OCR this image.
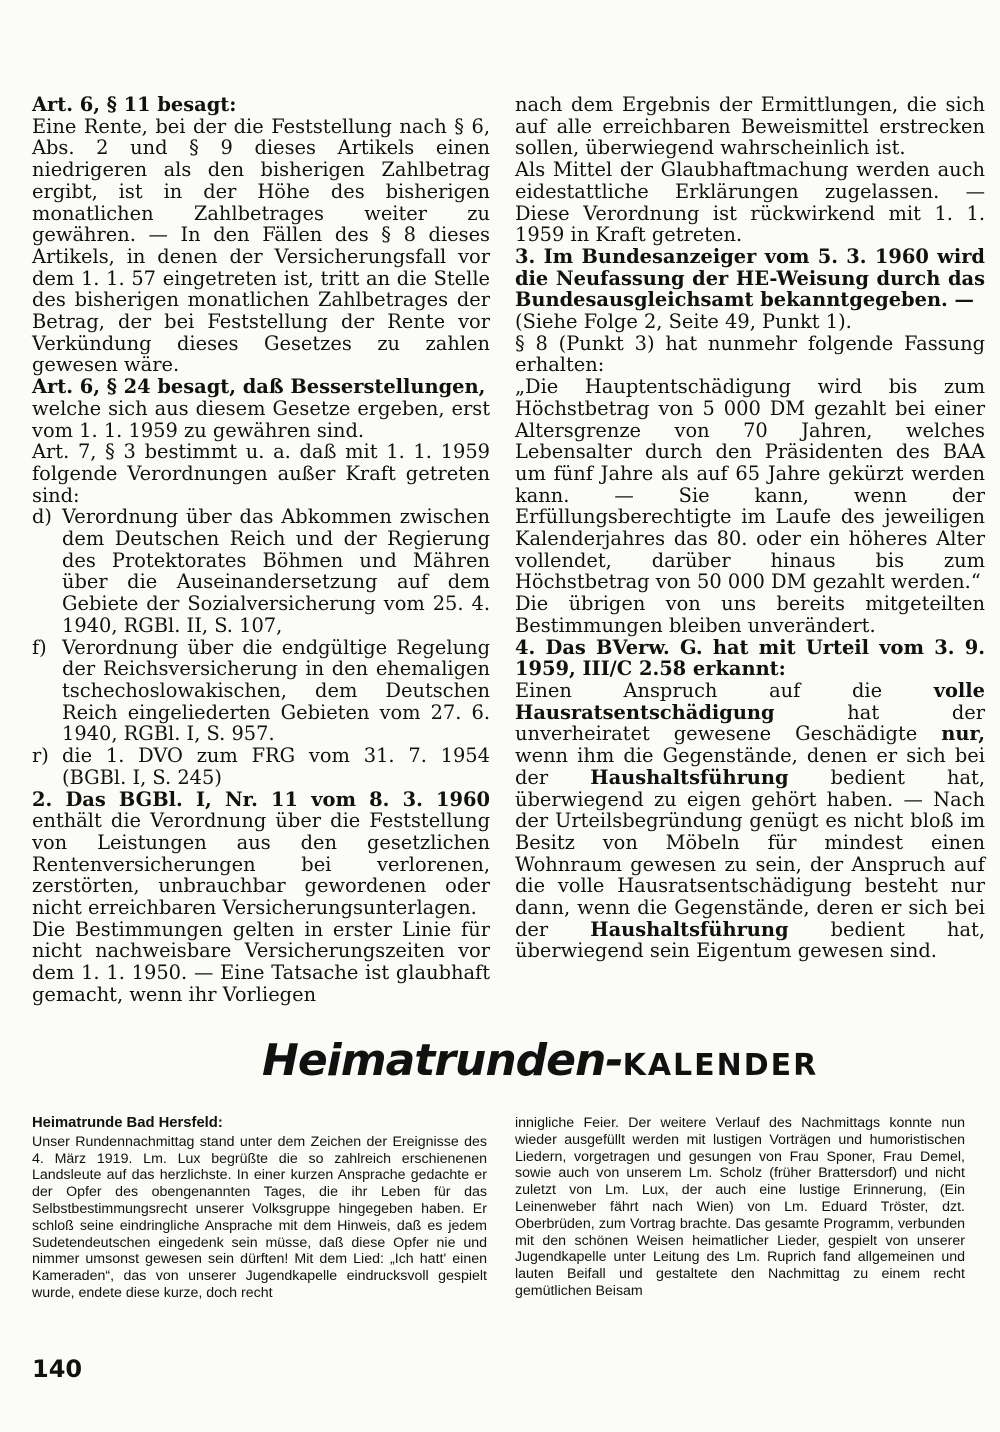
Art. 6, § 11 besagt:

Eine Rente, bei der die Feststellung nach § 6, Abs. 2 und § 9 dieses Artikels einen niedrigeren als den bisherigen Zahlbetrag ergibt, ist in der Höhe des bisherigen monatlichen Zahlbetrages weiter zu gewähren. — In den Fällen des § 8 dieses Artikels, in denen der Versicherungsfall vor dem 1. 1. 57 eingetreten ist, tritt an die Stelle des bisherigen monatlichen Zahlbetrages der Betrag, der bei Feststellung der Rente vor Verkündung dieses Gesetzes zu zahlen gewesen wäre.

Art. 6, § 24 besagt, daß Besserstellungen,

welche sich aus diesem Gesetze ergeben, erst vom 1. 1. 1959 zu gewähren sind.

Art. 7, § 3 bestimmt u. a. daß mit 1. 1. 1959 folgende Verordnungen außer Kraft getreten sind:

d) Verordnung über das Abkommen zwischen dem Deutschen Reich und der Regierung des Protektorates Böhmen und Mähren über die Auseinandersetzung auf dem Gebiete der Sozialversicherung vom 25. 4. 1940, RGBl. II, S. 107,
f) Verordnung über die endgültige Regelung der Reichsversicherung in den ehemaligen tschechoslowakischen, dem Deutschen Reich eingeliederten Gebieten vom 27. 6. 1940, RGBl. I, S. 957.
r) die 1. DVO zum FRG vom 31. 7. 1954 (BGBl. I, S. 245)

2. Das BGBl. I, Nr. 11 vom 8. 3. 1960 enthält die Verordnung über die Feststellung von Leistungen aus den gesetzlichen Rentenversicherungen bei verlorenen, zerstörten, unbrauchbar gewordenen oder nicht erreichbaren Versicherungsunterlagen.

Die Bestimmungen gelten in erster Linie für nicht nachweisbare Versicherungszeiten vor dem 1. 1. 1950. — Eine Tatsache ist glaubhaft gemacht, wenn ihr Vorliegen

nach dem Ergebnis der Ermittlungen, die sich auf alle erreichbaren Beweismittel erstrecken sollen, überwiegend wahrscheinlich ist.

Als Mittel der Glaubhaftmachung werden auch eidestattliche Erklärungen zugelassen. — Diese Verordnung ist rückwirkend mit 1. 1. 1959 in Kraft getreten.

3. Im Bundesanzeiger vom 5. 3. 1960 wird die Neufassung der HE-Weisung durch das Bundesausgleichsamt bekanntgegeben. —

(Siehe Folge 2, Seite 49, Punkt 1).

§ 8 (Punkt 3) hat nunmehr folgende Fassung erhalten:

„Die Hauptentschädigung wird bis zum Höchstbetrag von 5 000 DM gezahlt bei einer Altersgrenze von 70 Jahren, welches Lebensalter durch den Präsidenten des BAA um fünf Jahre als auf 65 Jahre gekürzt werden kann. — Sie kann, wenn der Erfüllungsberechtigte im Laufe des jeweiligen Kalenderjahres das 80. oder ein höheres Alter vollendet, darüber hinaus bis zum Höchstbetrag von 50 000 DM gezahlt werden.“

Die übrigen von uns bereits mitgeteilten Bestimmungen bleiben unverändert.

4. Das BVerw. G. hat mit Urteil vom 3. 9. 1959, III/C 2.58 erkannt:

Einen Anspruch auf die volle Hausratsentschädigung hat der unverheiratet gewesene Geschädigte nur, wenn ihm die Gegenstände, denen er sich bei der Haushaltsführung bedient hat, überwiegend zu eigen gehört haben. — Nach der Urteilsbegründung genügt es nicht bloß im Besitz von Möbeln für mindest einen Wohnraum gewesen zu sein, der Anspruch auf die volle Hausratsentschädigung besteht nur dann, wenn die Gegenstände, deren er sich bei der Haushaltsführung bedient hat, überwiegend sein Eigentum gewesen sind.

Heimatrunden-KALENDER

Heimatrunde Bad Hersfeld:

Unser Rundennachmittag stand unter dem Zeichen der Ereignisse des 4. März 1919. Lm. Lux begrüßte die so zahlreich erschienenen Landsleute auf das herzlichste. In einer kurzen Ansprache gedachte er der Opfer des obengenannten Tages, die ihr Leben für das Selbstbestimmungsrecht unserer Volksgruppe hingegeben haben. Er schloß seine eindringliche Ansprache mit dem Hinweis, daß es jedem Sudetendeutschen eingedenk sein müsse, daß diese Opfer nie und nimmer umsonst gewesen sein dürften! Mit dem Lied: „Ich hatt' einen Kameraden“, das von unserer Jugendkapelle eindrucksvoll gespielt wurde, endete diese kurze, doch recht

innigliche Feier. Der weitere Verlauf des Nachmittags konnte nun wieder ausgefüllt werden mit lustigen Vorträgen und humoristischen Liedern, vorgetragen und gesungen von Frau Sponer, Frau Demel, sowie auch von unserem Lm. Scholz (früher Brattersdorf) und nicht zuletzt von Lm. Lux, der auch eine lustige Erinnerung, (Ein Leinenweber fährt nach Wien) von Lm. Eduard Tröster, dzt. Oberbrüden, zum Vortrag brachte. Das gesamte Programm, verbunden mit den schönen Weisen heimatlicher Lieder, gespielt von unserer Jugendkapelle unter Leitung des Lm. Ruprich fand allgemeinen und lauten Beifall und gestaltete den Nachmittag zu einem recht gemütlichen Beisam

140
